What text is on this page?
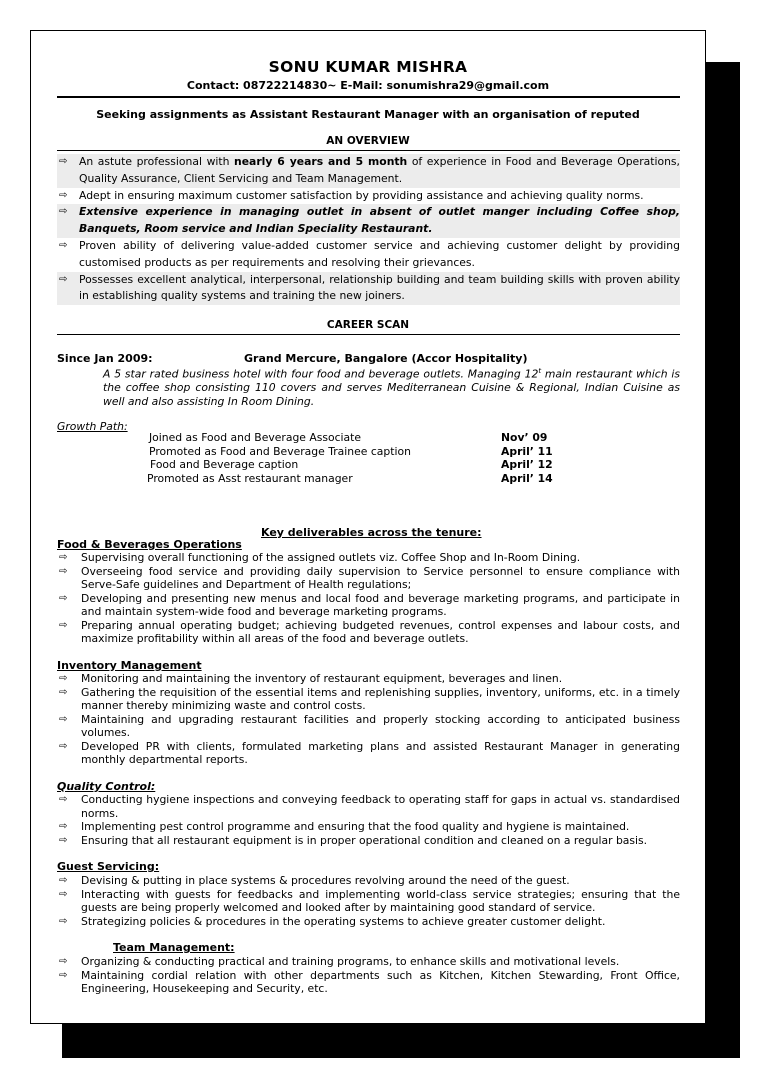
SONU KUMAR MISHRA
Contact: 08722214830~ E-Mail: sonumishra29@gmail.com
Seeking assignments as Assistant Restaurant Manager with an organisation of reputed
AN OVERVIEW
⇨ An astute professional with nearly 6 years and 5 month of experience in Food and Beverage Operations, Quality Assurance, Client Servicing and Team Management.
⇨ Adept in ensuring maximum customer satisfaction by providing assistance and achieving quality norms.
⇨ Extensive experience in managing outlet in absent of outlet manger including Coffee shop, Banquets, Room service and Indian Speciality Restaurant.
⇨ Proven ability of delivering value-added customer service and achieving customer delight by providing customised products as per requirements and resolving their grievances.
⇨ Possesses excellent analytical, interpersonal, relationship building and team building skills with proven ability in establishing quality systems and training the new joiners.
CAREER SCAN
Since Jan 2009:	Grand Mercure, Bangalore (Accor Hospitality)
A 5 star rated business hotel with four food and beverage outlets. Managing 12$^t$ main restaurant which is the coffee shop consisting 110 covers and serves Mediterranean Cuisine & Regional, Indian Cuisine as well and also assisting In Room Dining.
Growth Path:
Joined as Food and Beverage Associate	Nov’ 09
Promoted as Food and Beverage Trainee caption	April’ 11
Food and Beverage caption	April’ 12
Promoted as Asst restaurant manager	April’ 14
Key deliverables across the tenure:
Food & Beverages Operations
⇨ Supervising overall functioning of the assigned outlets viz. Coffee Shop and In-Room Dining.
⇨ Overseeing food service and providing daily supervision to Service personnel to ensure compliance with Serve-Safe guidelines and Department of Health regulations;
⇨ Developing and presenting new menus and local food and beverage marketing programs, and participate in and maintain system-wide food and beverage marketing programs.
⇨ Preparing annual operating budget; achieving budgeted revenues, control expenses and labour costs, and maximize profitability within all areas of the food and beverage outlets.
Inventory Management
⇨ Monitoring and maintaining the inventory of restaurant equipment, beverages and linen.
⇨ Gathering the requisition of the essential items and replenishing supplies, inventory, uniforms, etc. in a timely manner thereby minimizing waste and control costs.
⇨ Maintaining and upgrading restaurant facilities and properly stocking according to anticipated business volumes.
⇨ Developed PR with clients, formulated marketing plans and assisted Restaurant Manager in generating monthly departmental reports.
Quality Control:
⇨ Conducting hygiene inspections and conveying feedback to operating staff for gaps in actual vs. standardised norms.
⇨ Implementing pest control programme and ensuring that the food quality and hygiene is maintained.
⇨ Ensuring that all restaurant equipment is in proper operational condition and cleaned on a regular basis.
Guest Servicing:
⇨ Devising & putting in place systems & procedures revolving around the need of the guest.
⇨ Interacting with guests for feedbacks and implementing world-class service strategies; ensuring that the guests are being properly welcomed and looked after by maintaining good standard of service.
⇨ Strategizing policies & procedures in the operating systems to achieve greater customer delight.
Team Management:
⇨ Organizing & conducting practical and training programs, to enhance skills and motivational levels.
⇨ Maintaining cordial relation with other departments such as Kitchen, Kitchen Stewarding, Front Office, Engineering, Housekeeping and Security, etc.
